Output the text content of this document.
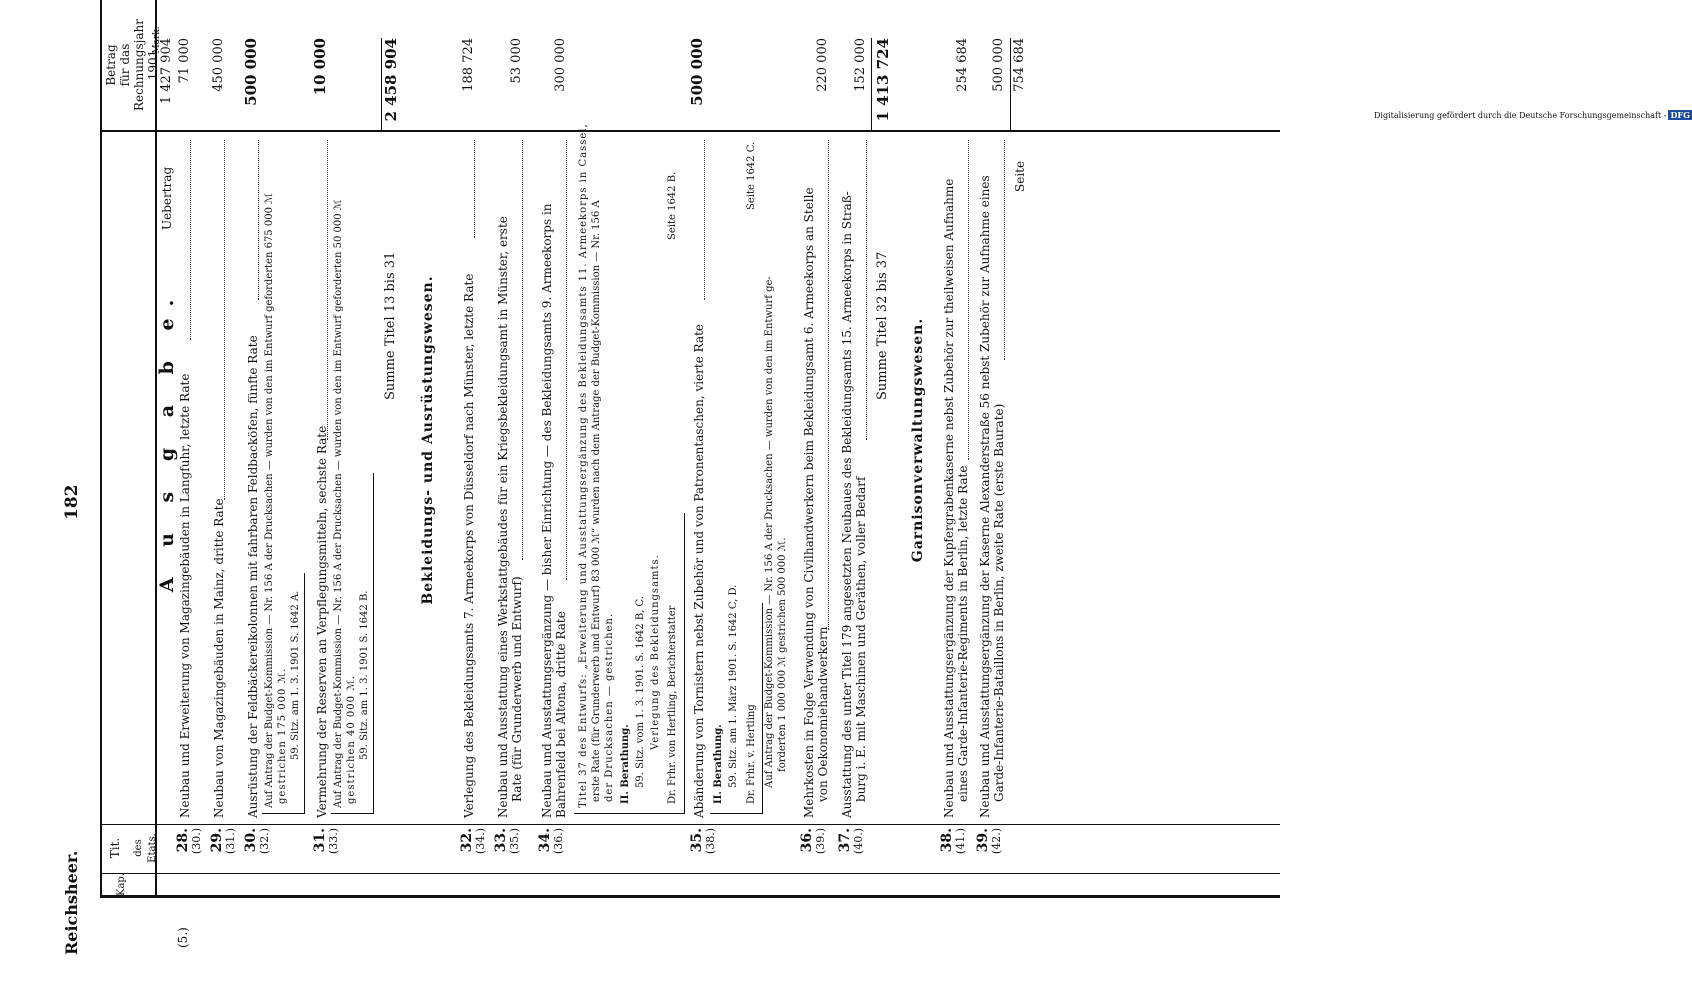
Reichsheer.
182
Kap.
Tit. des Etats.
Betrag für das Rechnungsjahr 1901
Mark.
A u s g a b e.
(5.)
Uebertrag
1 427 904
28. (30.)
Neubau und Erweiterung von Magazingebäuden in Langfuhr, letzte Rate
71 000
29. (31.)
Neubau von Magazingebäuden in Mainz, dritte Rate
450 000
30. (32.)
Ausrüstung der Feldbäckereikolonnen mit fahrbaren Feldbacköfen, fünfte Rate
500 000
Auf Antrag der Budget-Kommission — Nr. 156 A der Drucksachen — wurden von den im Entwurf geforderten 675 000 ℳ gestrichen 175 000 ℳ. 59. Sitz. am 1. 3. 1901 S. 1642 A.
31. (33.)
Vermehrung der Reserven an Verpflegungsmitteln, sechste Rate
10 000
Auf Antrag der Budget-Kommission — Nr. 156 A der Drucksachen — wurden von den im Entwurf geforderten 50 000 ℳ gestrichen 40 000 ℳ. 59. Sitz. am 1. 3. 1901 S. 1642 B.
Summe Titel 13 bis 31
2 458 904
Bekleidungs- und Ausrüstungswesen.
32. (34.)
Verlegung des Bekleidungsamts 7. Armeekorps von Düsseldorf nach Münster, letzte Rate
188 724
33. (35.)
Neubau und Ausstattung eines Werkstattgebäudes für ein Kriegsbekleidungsamt in Münster, erste Rate (für Grunderwerb und Entwurf)
53 000
34. (36.)
Neubau und Ausstattungsergänzung — bisher Einrichtung — des Bekleidungsamts 9. Armeekorps in Bahrenfeld bei Altona, dritte Rate
300 000
Titel 37 des Entwurfs: „Erweiterung und Ausstattungsergänzung des Bekleidungsamts 11. Armeekorps in Cassel, erste Rate (für Grunderwerb und Entwurf) 83 000 ℳ“ wurden nach dem Antrage der Budget-Kommission — Nr. 156 A der Drucksachen — gestrichen. II. Berathung. 59. Sitz. vom 1. 3. 1901. S. 1642 B, C. Verlegung des Bekleidungsamts. Dr. Frhr. von Hertling, Berichterstatter
Seite 1642 B.
35. (38.)
Abänderung von Tornistern nebst Zubehör und von Patronentaschen, vierte Rate
500 000
II. Berathung. 59. Sitz. am 1. März 1901. S. 1642 C, D. Dr. Frhr. v. Hertling
Seite 1642 C.
Auf Antrag der Budget-Kommission — Nr. 156 A der Drucksachen — wurden von den im Entwurf ge- forderten 1 000 000 ℳ gestrichen 500 000 ℳ.
36. (39.)
Mehrkosten in Folge Verwendung von Civilhandwerkern beim Bekleidungsamt 6. Armeekorps an Stelle von Oekonomiehandwerkern
220 000
37. (40.)
Ausstattung des unter Titel 179 angesetzten Neubaues des Bekleidungsamts 15. Armeekorps in Straß- burg i. E. mit Maschinen und Geräthen, voller Bedarf
152 000
Summe Titel 32 bis 37
1 413 724
Garnisonverwaltungswesen.
38. (41.)
Neubau und Ausstattungsergänzung der Kupfergrabenkaserne nebst Zubehör zur theilweisen Aufnahme eines Garde-Infanterie-Regiments in Berlin, letzte Rate
254 684
39. (42.)
Neubau und Ausstattungsergänzung der Kaserne Alexanderstraße 56 nebst Zubehör zur Aufnahme eines Garde-Infanterie-Bataillons in Berlin, zweite Rate (erste Baurate)
500 000
Seite
754 684
Digitalisierung gefördert durch die Deutsche Forschungsgemeinschaft - DFG
